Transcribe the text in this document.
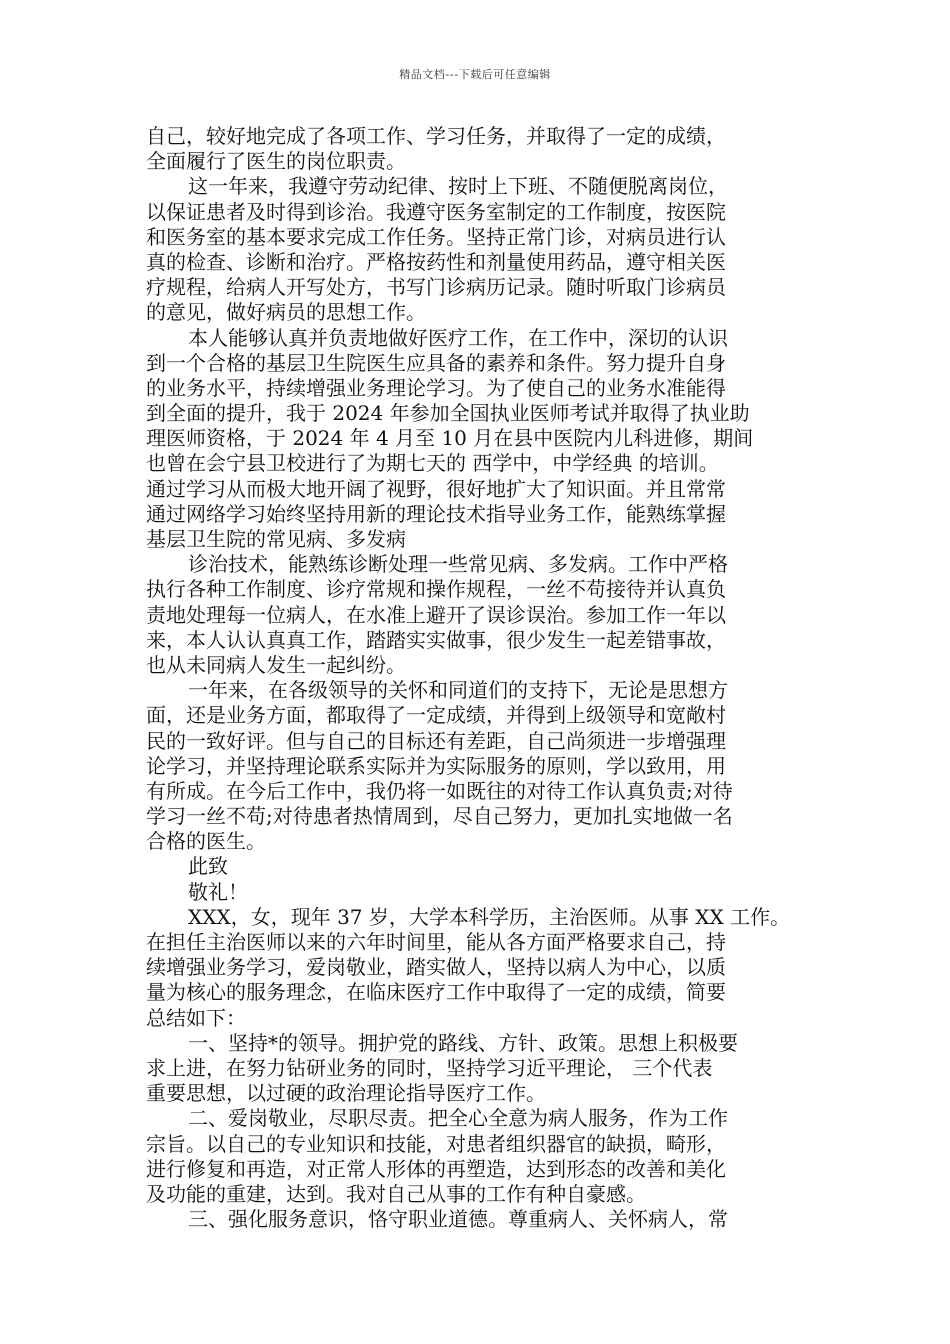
精品文档---下载后可任意编辑
自己，较好地完成了各项工作、学习任务，并取得了一定的成绩，
全面履行了医生的岗位职责。
这一年来，我遵守劳动纪律、按时上下班、不随便脱离岗位，
以保证患者及时得到诊治。我遵守医务室制定的工作制度，按医院
和医务室的基本要求完成工作任务。坚持正常门诊，对病员进行认
真的检查、诊断和治疗。严格按药性和剂量使用药品，遵守相关医
疗规程，给病人开写处方，书写门诊病历记录。随时听取门诊病员
的意见，做好病员的思想工作。
本人能够认真并负责地做好医疗工作，在工作中，深切的认识
到一个合格的基层卫生院医生应具备的素养和条件。努力提升自身
的业务水平，持续增强业务理论学习。为了使自己的业务水准能得
到全面的提升，我于 2024 年参加全国执业医师考试并取得了执业助
理医师资格，于 2024 年 4 月至 10 月在县中医院内儿科进修，期间
也曾在会宁县卫校进行了为期七天的 西学中，中学经典 的培训。
通过学习从而极大地开阔了视野，很好地扩大了知识面。并且常常
通过网络学习始终坚持用新的理论技术指导业务工作，能熟练掌握
基层卫生院的常见病、多发病
诊治技术，能熟练诊断处理一些常见病、多发病。工作中严格
执行各种工作制度、诊疗常规和操作规程，一丝不苟接待并认真负
责地处理每一位病人，在水准上避开了误诊误治。参加工作一年以
来，本人认认真真工作，踏踏实实做事，很少发生一起差错事故，
也从未同病人发生一起纠纷。
一年来，在各级领导的关怀和同道们的支持下，无论是思想方
面，还是业务方面，都取得了一定成绩，并得到上级领导和宽敞村
民的一致好评。但与自己的目标还有差距，自己尚须进一步增强理
论学习，并坚持理论联系实际并为实际服务的原则，学以致用，用
有所成。在今后工作中，我仍将一如既往的对待工作认真负责;对待
学习一丝不苟;对待患者热情周到，尽自己努力，更加扎实地做一名
合格的医生。
此致
敬礼！
XXX，女，现年 37 岁，大学本科学历，主治医师。从事 XX 工作。
在担任主治医师以来的六年时间里，能从各方面严格要求自己，持
续增强业务学习，爱岗敬业，踏实做人，坚持以病人为中心，以质
量为核心的服务理念，在临床医疗工作中取得了一定的成绩，简要
总结如下：
一、坚持*的领导。拥护党的路线、方针、政策。思想上积极要
求上进，在努力钻研业务的同时，坚持学习近平理论， 三个代表
重要思想，以过硬的政治理论指导医疗工作。
二、爱岗敬业，尽职尽责。把全心全意为病人服务，作为工作
宗旨。以自己的专业知识和技能，对患者组织器官的缺损，畸形，
进行修复和再造，对正常人形体的再塑造，达到形态的改善和美化
及功能的重建，达到。我对自己从事的工作有种自豪感。
三、强化服务意识，恪守职业道德。尊重病人、关怀病人，常
